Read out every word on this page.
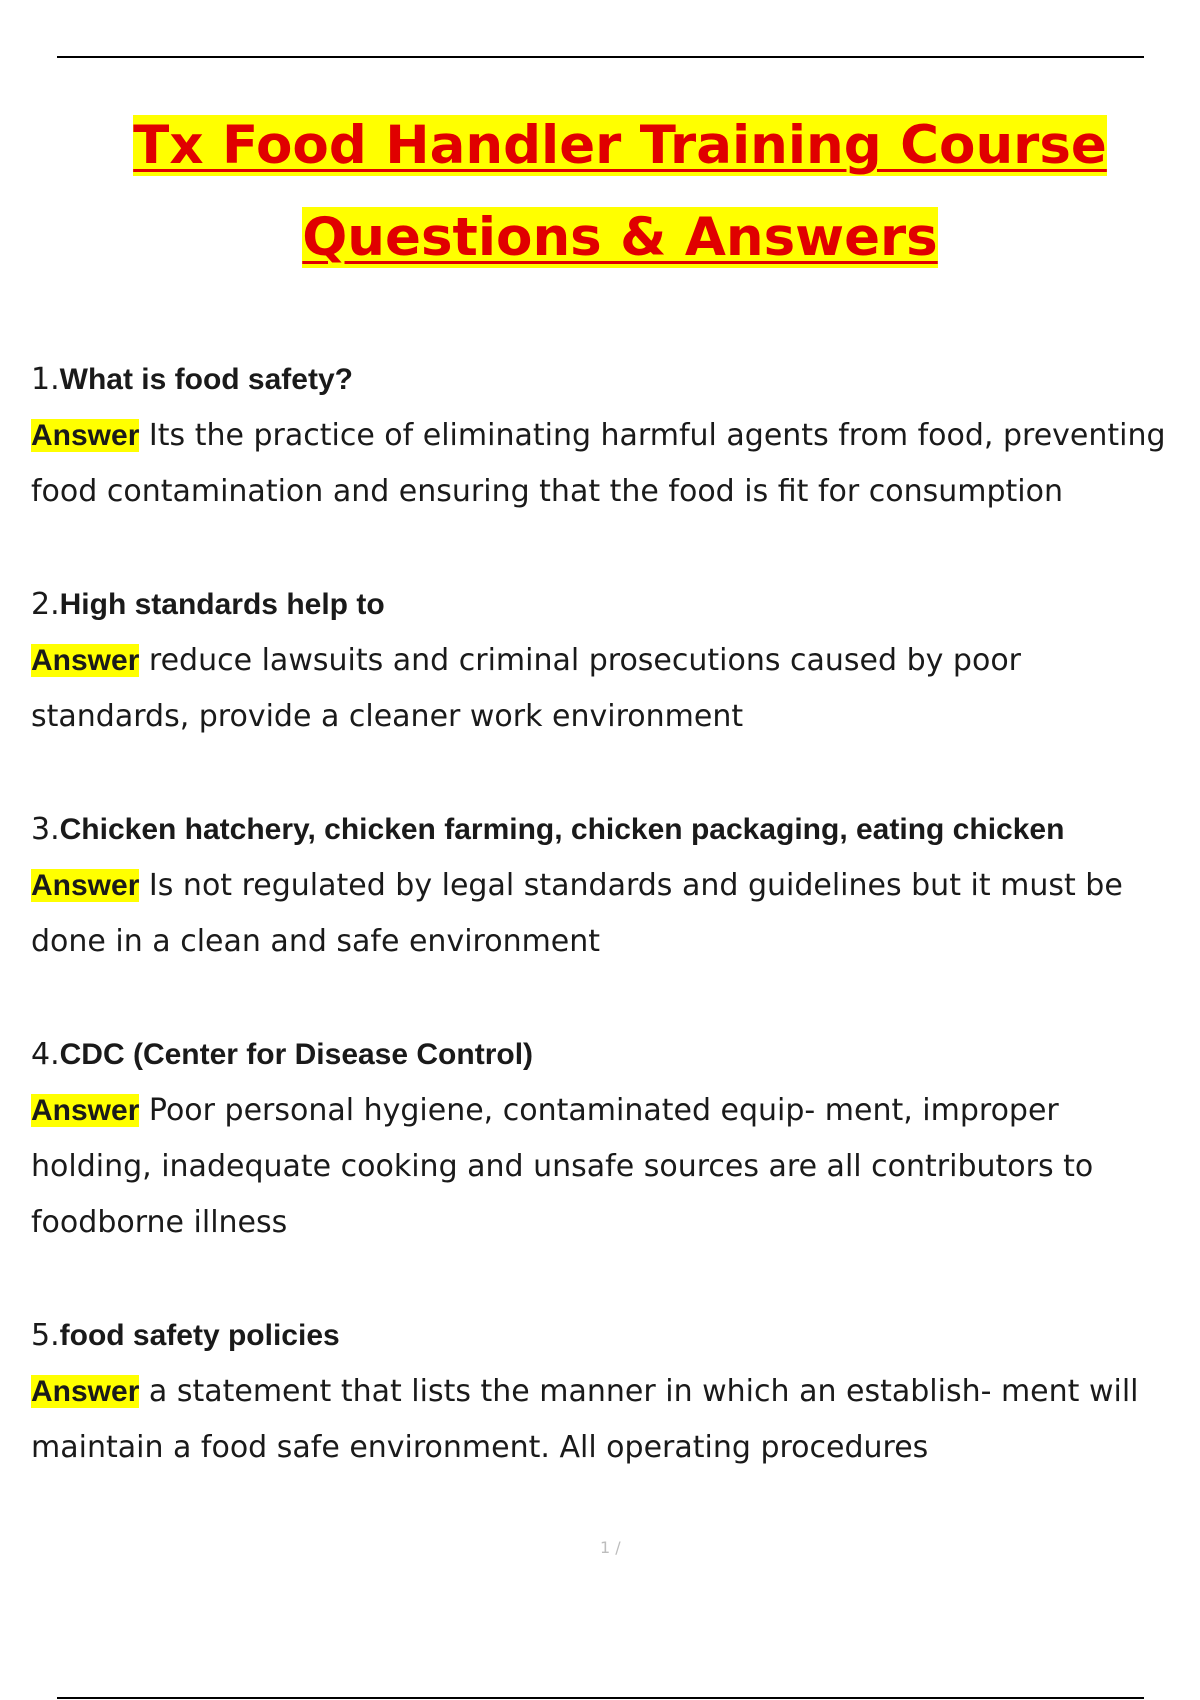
Tx Food Handler Training Course
Questions & Answers
1.What is food safety?

Answer Its the practice of eliminating harmful agents from food, preventing food contamination and ensuring that the food is fit for consumption

2.High standards help to

Answer reduce lawsuits and criminal prosecutions caused by poor standards, provide a cleaner work environment

3.Chicken hatchery, chicken farming, chicken packaging, eating chicken

Answer Is not regulated by legal standards and guidelines but it must be done in a clean and safe environment

4.CDC (Center for Disease Control)

Answer Poor personal hygiene, contaminated equip- ment, improper holding, inadequate cooking and unsafe sources are all contributors to foodborne illness

5.food safety policies

Answer a statement that lists the manner in which an establish- ment will maintain a food safe environment. All operating procedures

1 /
